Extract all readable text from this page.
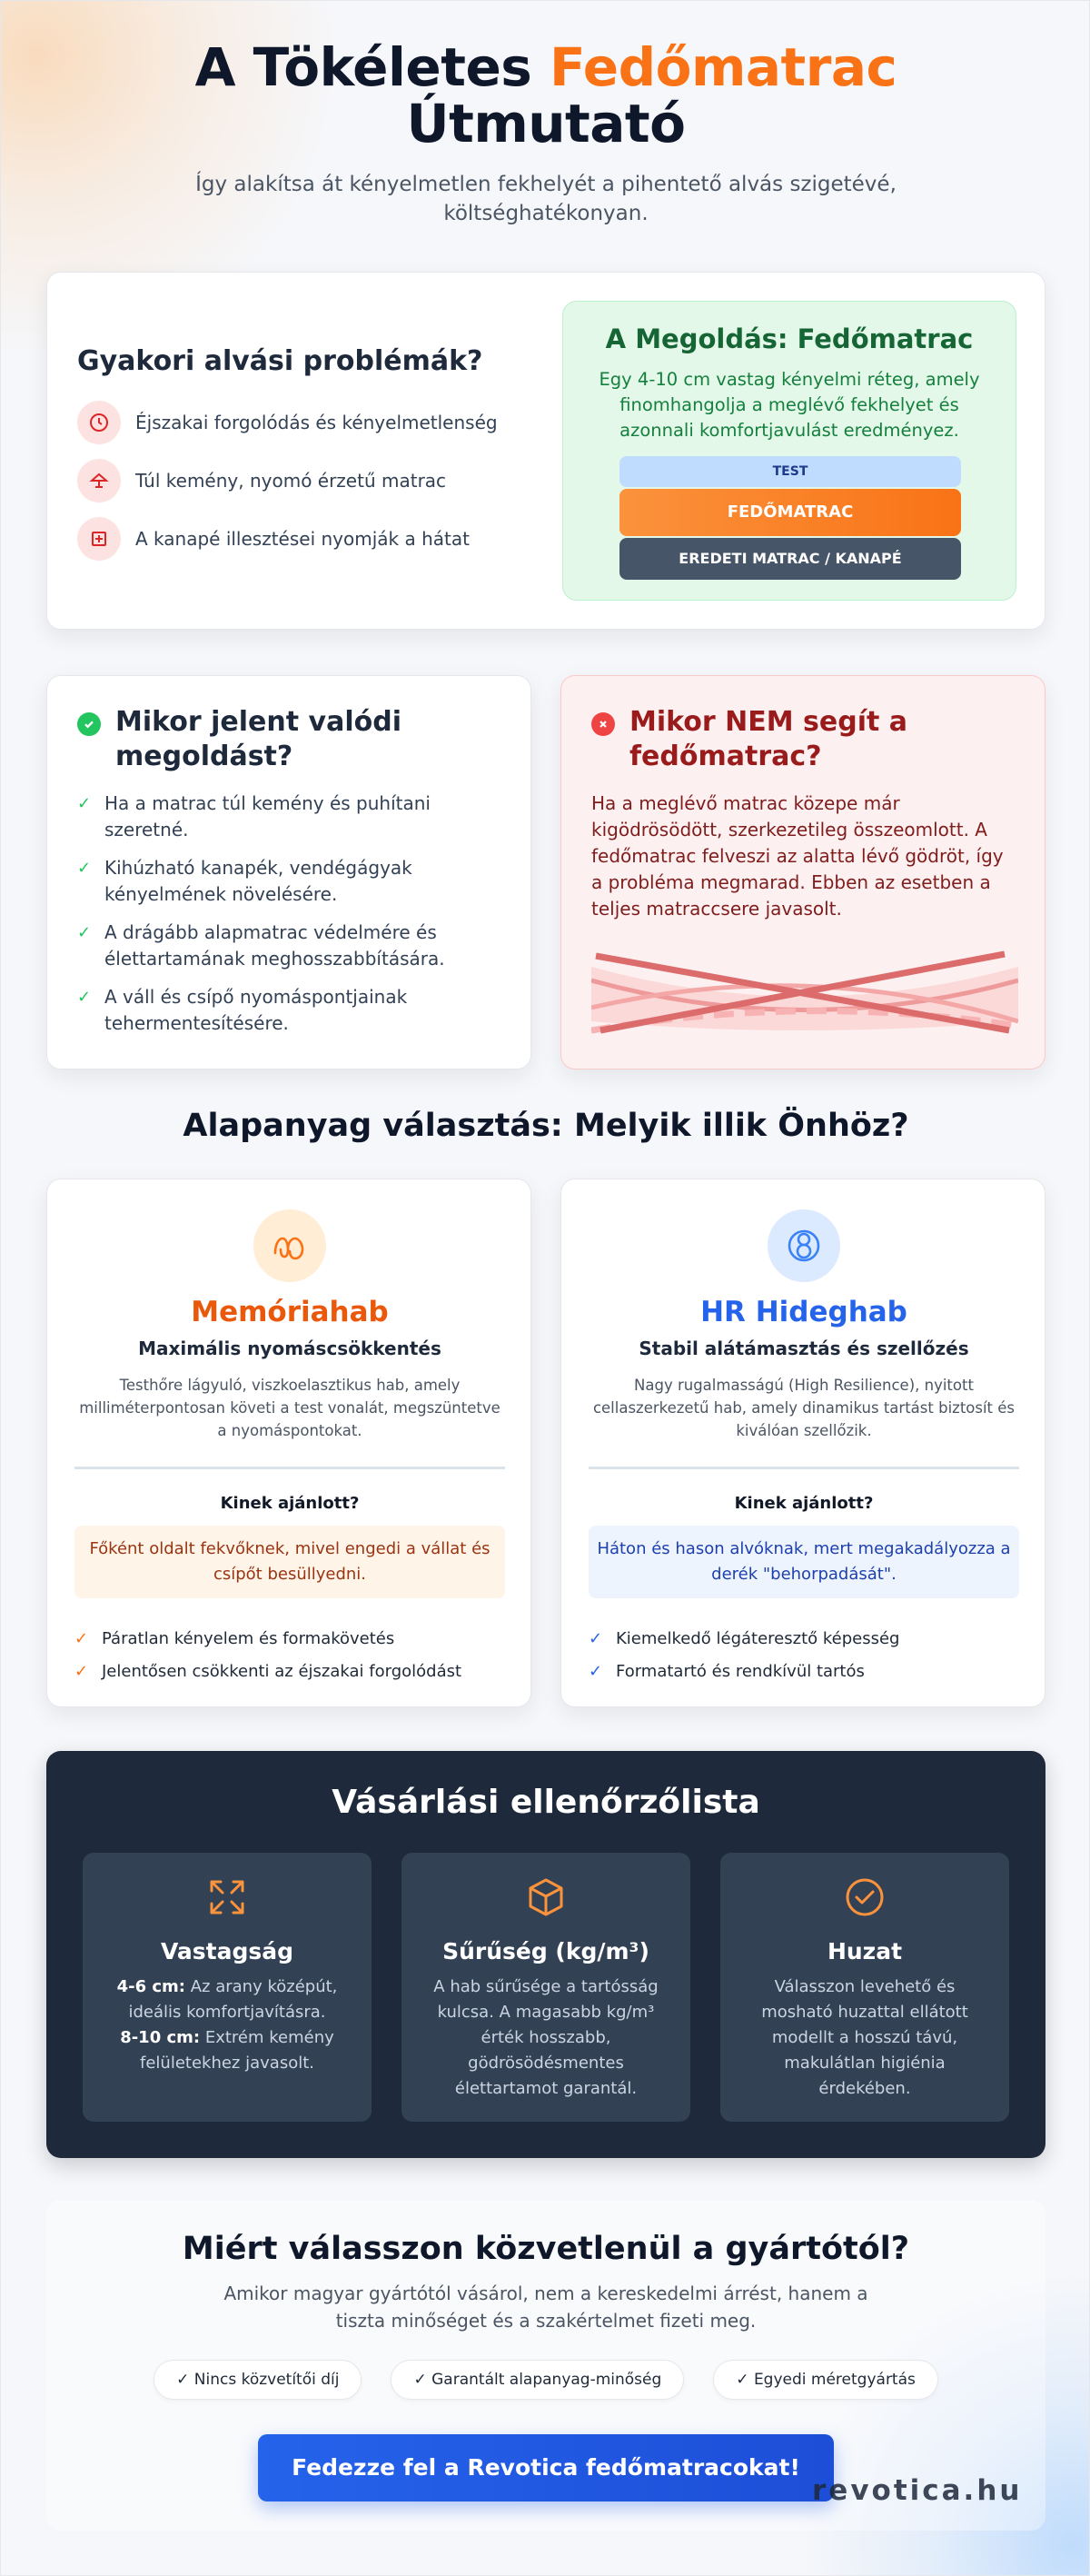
A Tökéletes Fedőmatrac
Útmutató

Így alakítsa át kényelmetlen fekhelyét a pihentető alvás szigetévé, költséghatékonyan.

Gyakori alvási problémák?
Éjszakai forgolódás és kényelmetlenség
Túl kemény, nyomó érzetű matrac
A kanapé illesztései nyomják a hátat
A Megoldás: Fedőmatrac

Egy 4-10 cm vastag kényelmi réteg, amely finomhangolja a meglévő fekhelyet és azonnali komfortjavulást eredményez.

TEST
FEDŐMATRAC
EREDETI MATRAC / KANAPÉ
Mikor jelent valódi megoldást?
✓ Ha a matrac túl kemény és puhítani szeretné.
✓ Kihúzható kanapék, vendégágyak kényelmének növelésére.
✓ A drágább alapmatrac védelmére és élettartamának meghosszabbítására.
✓ A váll és csípő nyomáspontjainak tehermentesítésére.
Mikor NEM segít a fedőmatrac?

Ha a meglévő matrac közepe már kigödrösödött, szerkezetileg összeomlott. A fedőmatrac felveszi az alatta lévő gödröt, így a probléma megmarad. Ebben az esetben a teljes matraccsere javasolt.

Alapanyag választás: Melyik illik Önhöz?
Memóriahab
Maximális nyomáscsökkentés
Testhőre lágyuló, viszkoelasztikus hab, amely milliméterpontosan követi a test vonalát, megszüntetve a nyomáspontokat.
Kinek ajánlott?
Főként oldalt fekvőknek, mivel engedi a vállat és csípőt besüllyedni.
✓ Páratlan kényelem és formakövetés
✓ Jelentősen csökkenti az éjszakai forgolódást
HR Hideghab
Stabil alátámasztás és szellőzés
Nagy rugalmasságú (High Resilience), nyitott cellaszerkezetű hab, amely dinamikus tartást biztosít és kiválóan szellőzik.
Kinek ajánlott?
Háton és hason alvóknak, mert megakadályozza a derék "behorpadását".
✓ Kiemelkedő légáteresztő képesség
✓ Formatartó és rendkívül tartós
Vásárlási ellenőrzőlista
Vastagság

4-6 cm: Az arany középút, ideális komfortjavításra.
8-10 cm: Extrém kemény felületekhez javasolt.

Sűrűség (kg/m³)

A hab sűrűsége a tartósság kulcsa. A magasabb kg/m³ érték hosszabb, gödrösödésmentes élettartamot garantál.

Huzat

Válasszon levehető és mosható huzattal ellátott modellt a hosszú távú, makulátlan higiénia érdekében.

Miért válasszon közvetlenül a gyártótól?

Amikor magyar gyártótól vásárol, nem a kereskedelmi árrést, hanem a tiszta minőséget és a szakértelmet fizeti meg.

✓ Nincs közvetítői díj	✓ Garantált alapanyag-minőség	✓ Egyedi méretgyártás
Fedezze fel a Revotica fedőmatracokat!
revotica.hu
